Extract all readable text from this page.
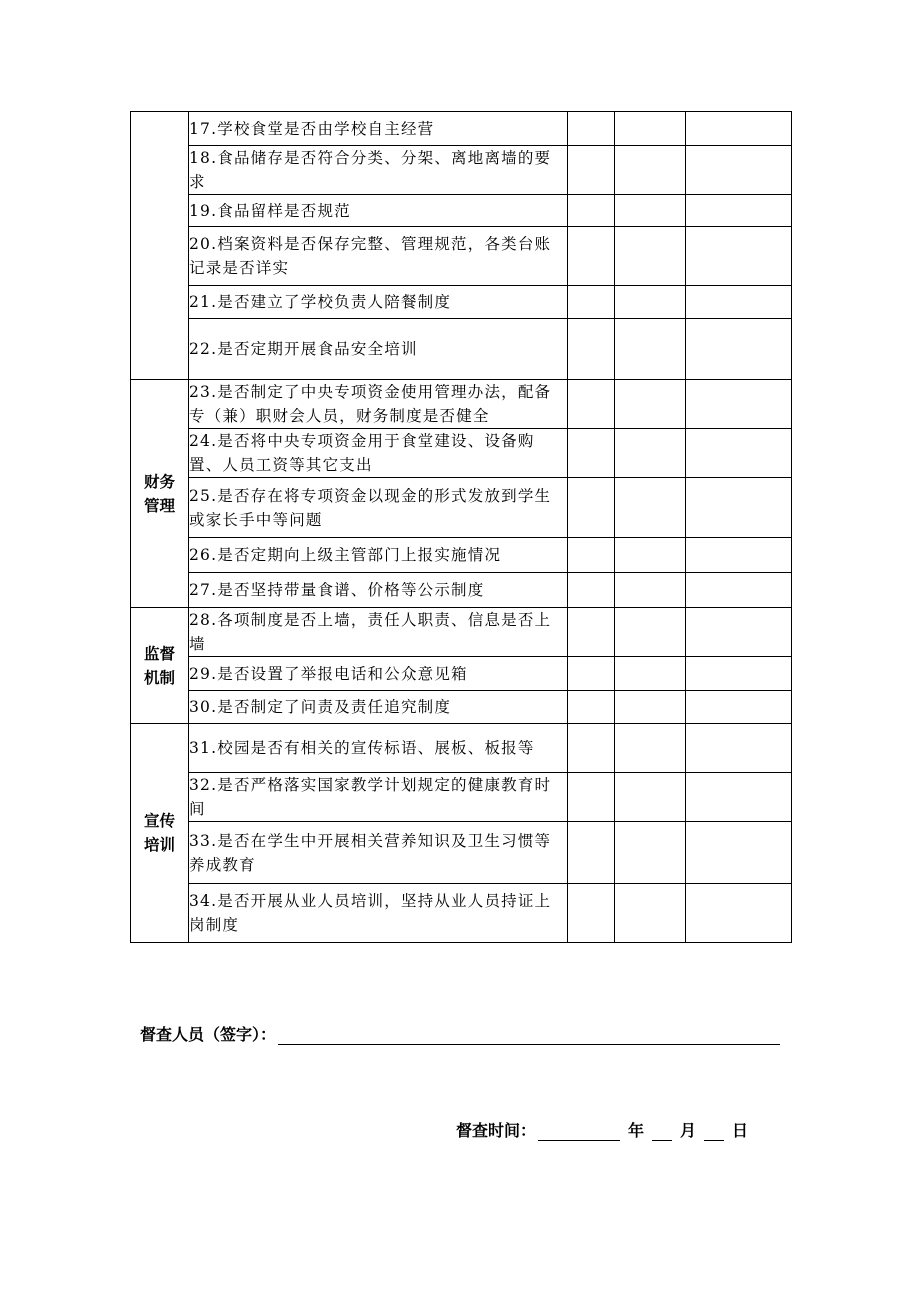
	17.学校食堂是否由学校自主经营			
	18.食品储存是否符合分类、分架、离地离墙的要求			
	19.食品留样是否规范			
	20.档案资料是否保存完整、管理规范，各类台账记录是否详实			
	21.是否建立了学校负责人陪餐制度			
	22.是否定期开展食品安全培训			

财务
管理	23.是否制定了中央专项资金使用管理办法，配备专（兼）职财会人员，财务制度是否健全			
	24.是否将中央专项资金用于食堂建设、设备购置、人员工资等其它支出			
	25.是否存在将专项资金以现金的形式发放到学生或家长手中等问题			
	26.是否定期向上级主管部门上报实施情况			
	27.是否坚持带量食谱、价格等公示制度			

监督
机制	28.各项制度是否上墙，责任人职责、信息是否上墙			
	29.是否设置了举报电话和公众意见箱			
	30.是否制定了问责及责任追究制度			

宣传
培训	31.校园是否有相关的宣传标语、展板、板报等			
	32.是否严格落实国家教学计划规定的健康教育时间			
	33.是否在学生中开展相关营养知识及卫生习惯等养成教育			
	34.是否开展从业人员培训，坚持从业人员持证上岗制度			
督查人员（签字）：
督查时间：	年 月 日
